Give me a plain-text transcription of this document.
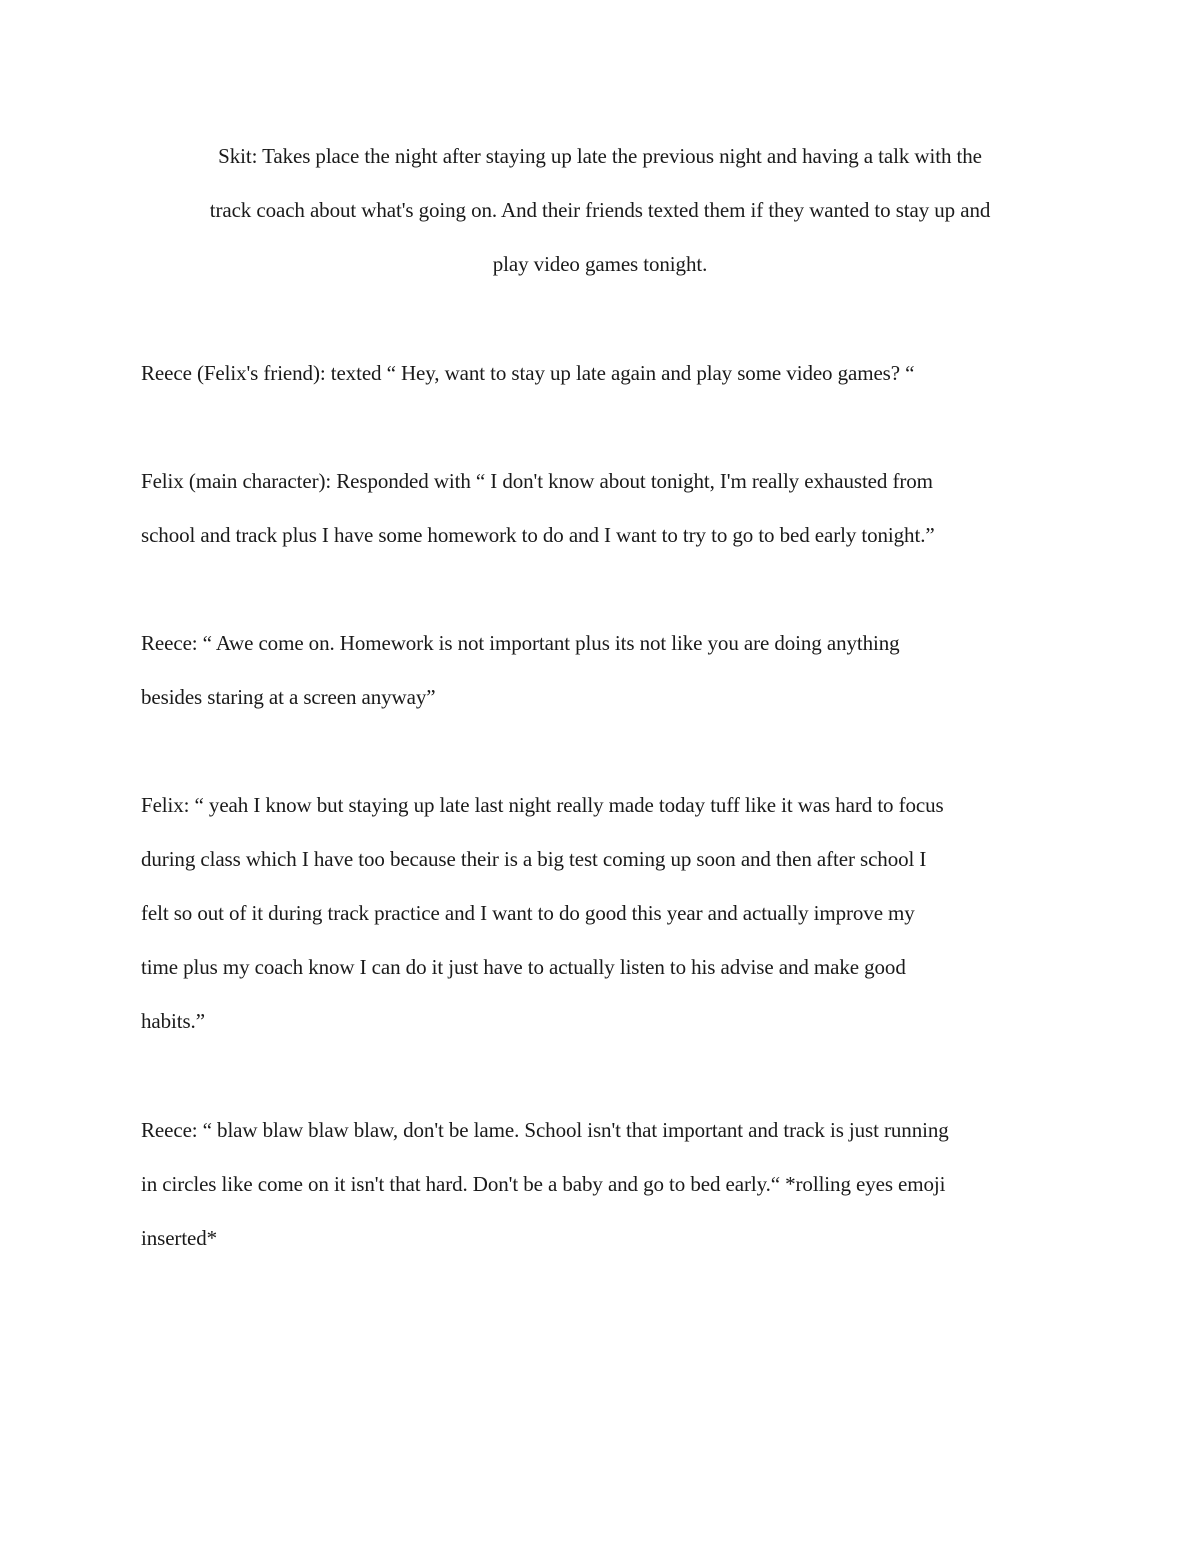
Skit: Takes place the night after staying up late the previous night and having a talk with the
track coach about what's going on. And their friends texted them if they wanted to stay up and
play video games tonight.
Reece (Felix's friend): texted “ Hey, want to stay up late again and play some video games? “
Felix (main character): Responded with “ I don't know about tonight, I'm really exhausted from
school and track plus I have some homework to do and I want to try to go to bed early tonight.”
Reece: “ Awe come on. Homework is not important plus its not like you are doing anything
besides staring at a screen anyway”
Felix: “ yeah I know but staying up late last night really made today tuff like it was hard to focus
during class which I have too because their is a big test coming up soon and then after school I
felt so out of it during track practice and I want to do good this year and actually improve my
time plus my coach know I can do it just have to actually listen to his advise and make good
habits.”
Reece: “ blaw blaw blaw blaw, don't be lame. School isn't that important and track is just running
in circles like come on it isn't that hard. Don't be a baby and go to bed early.“ *rolling eyes emoji
inserted*
